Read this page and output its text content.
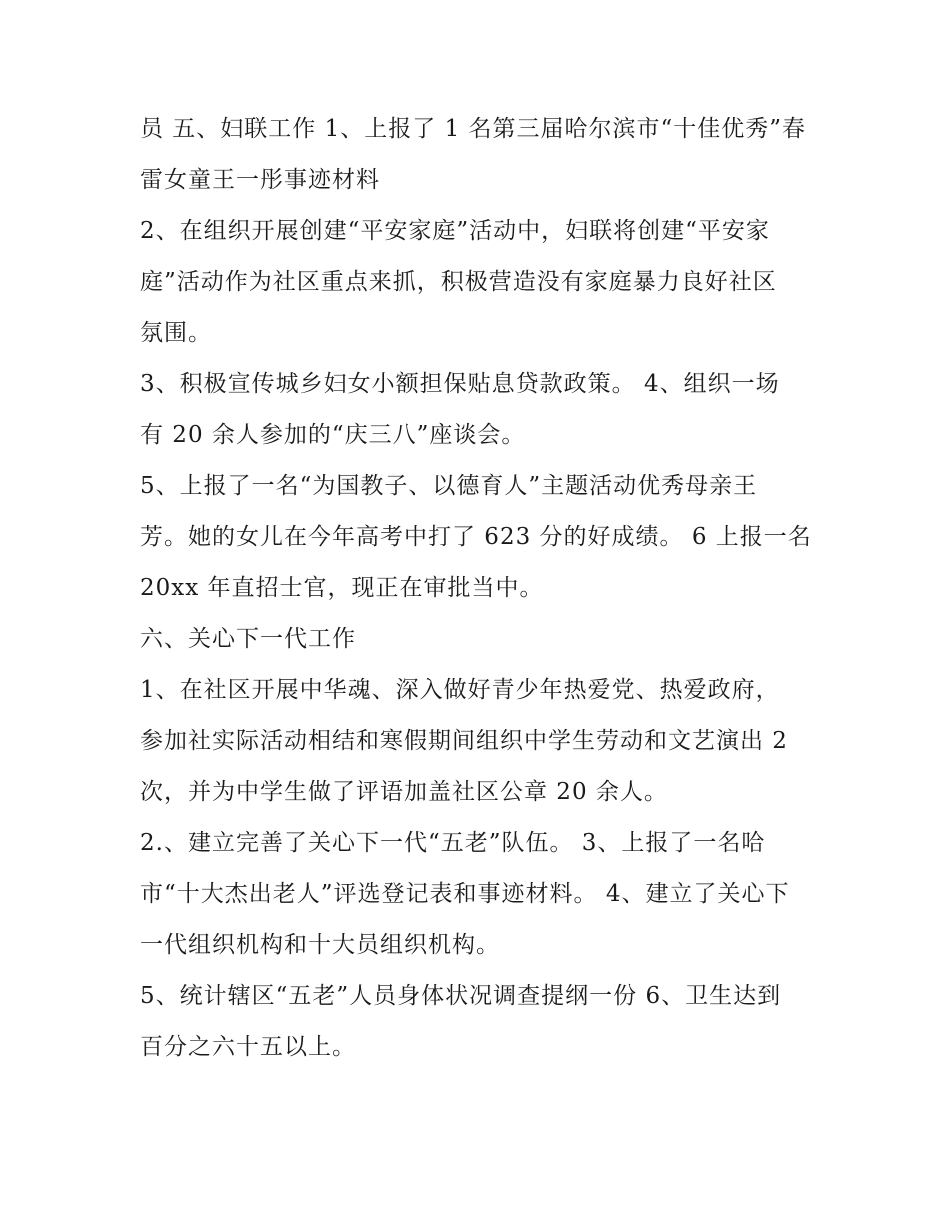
员 五、妇联工作 1、上报了 1 名第三届哈尔滨市“十佳优秀”春
雷女童王一彤事迹材料

2、在组织开展创建“平安家庭”活动中，妇联将创建“平安家
庭”活动作为社区重点来抓，积极营造没有家庭暴力良好社区
氛围。

3、积极宣传城乡妇女小额担保贴息贷款政策。 4、组织一场
有 20 余人参加的“庆三八”座谈会。

5、上报了一名“为国教子、以德育人”主题活动优秀母亲王
芳。她的女儿在今年高考中打了 623 分的好成绩。 6 上报一名
20xx 年直招士官，现正在审批当中。

六、关心下一代工作

1、在社区开展中华魂、深入做好青少年热爱党、热爱政府，
参加社实际活动相结和寒假期间组织中学生劳动和文艺演出 2
次，并为中学生做了评语加盖社区公章 20 余人。

2.、建立完善了关心下一代“五老”队伍。 3、上报了一名哈
市“十大杰出老人”评选登记表和事迹材料。 4、建立了关心下
一代组织机构和十大员组织机构。

5、统计辖区“五老”人员身体状况调查提纲一份 6、卫生达到
百分之六十五以上。
